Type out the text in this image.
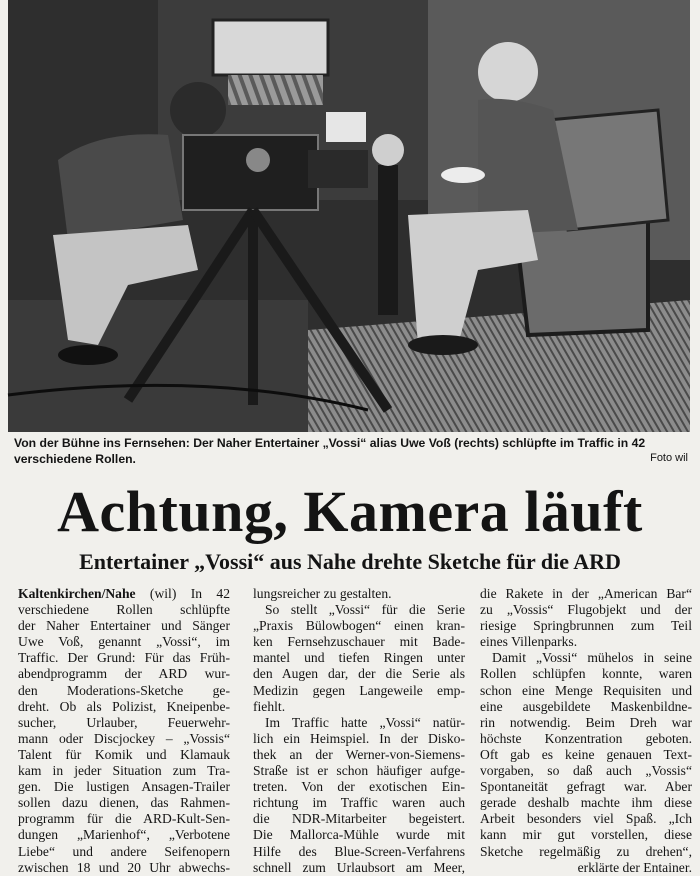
Von der Bühne ins Fernsehen: Der Naher Entertainer „Vossi“ alias Uwe Voß (rechts) schlüpfte im Traffic in 42 verschiedene Rollen.	Foto wil
Achtung, Kamera läuft
Entertainer „Vossi“ aus Nahe drehte Sketche für die ARD
Kaltenkirchen/Nahe (wil) In 42
verschiedene Rollen schlüpfte
der Naher Entertainer und Sänger
Uwe Voß, genannt „Vossi“, im
Traffic. Der Grund: Für das Früh-
abendprogramm der ARD wur-
den Moderations-Sketche ge-
dreht. Ob als Polizist, Kneipenbe-
sucher, Urlauber, Feuerwehr-
mann oder Discjockey – „Vossis“
Talent für Komik und Klamauk
kam in jeder Situation zum Tra-
gen. Die lustigen Ansagen-Trailer
sollen dazu dienen, das Rahmen-
programm für die ARD-Kult-Sen-
dungen „Marienhof“, „Verbotene
Liebe“ und andere Seifenopern
zwischen 18 und 20 Uhr abwechs-
lungsreicher zu gestalten.
So stellt „Vossi“ für die Serie
„Praxis Bülowbogen“ einen kran-
ken Fernsehzuschauer mit Bade-
mantel und tiefen Ringen unter
den Augen dar, der die Serie als
Medizin gegen Langeweile emp-
fiehlt.
Im Traffic hatte „Vossi“ natür-
lich ein Heimspiel. In der Disko-
thek an der Werner-von-Siemens-
Straße ist er schon häufiger aufge-
treten. Von der exotischen Ein-
richtung im Traffic waren auch
die NDR-Mitarbeiter begeistert.
Die Mallorca-Mühle wurde mit
Hilfe des Blue-Screen-Verfahrens
schnell zum Urlaubsort am Meer,
die Rakete in der „American Bar“
zu „Vossis“ Flugobjekt und der
riesige Springbrunnen zum Teil
eines Villenparks.
Damit „Vossi“ mühelos in seine
Rollen schlüpfen konnte, waren
schon eine Menge Requisiten und
eine ausgebildete Maskenbildne-
rin notwendig. Beim Dreh war
höchste Konzentration geboten.
Oft gab es keine genauen Text-
vorgaben, so daß auch „Vossis“
Spontaneität gefragt war. Aber
gerade deshalb machte ihm diese
Arbeit besonders viel Spaß. „Ich
kann mir gut vorstellen, diese
Sketche regelmäßig zu drehen“,
erklärte der Entainer.
